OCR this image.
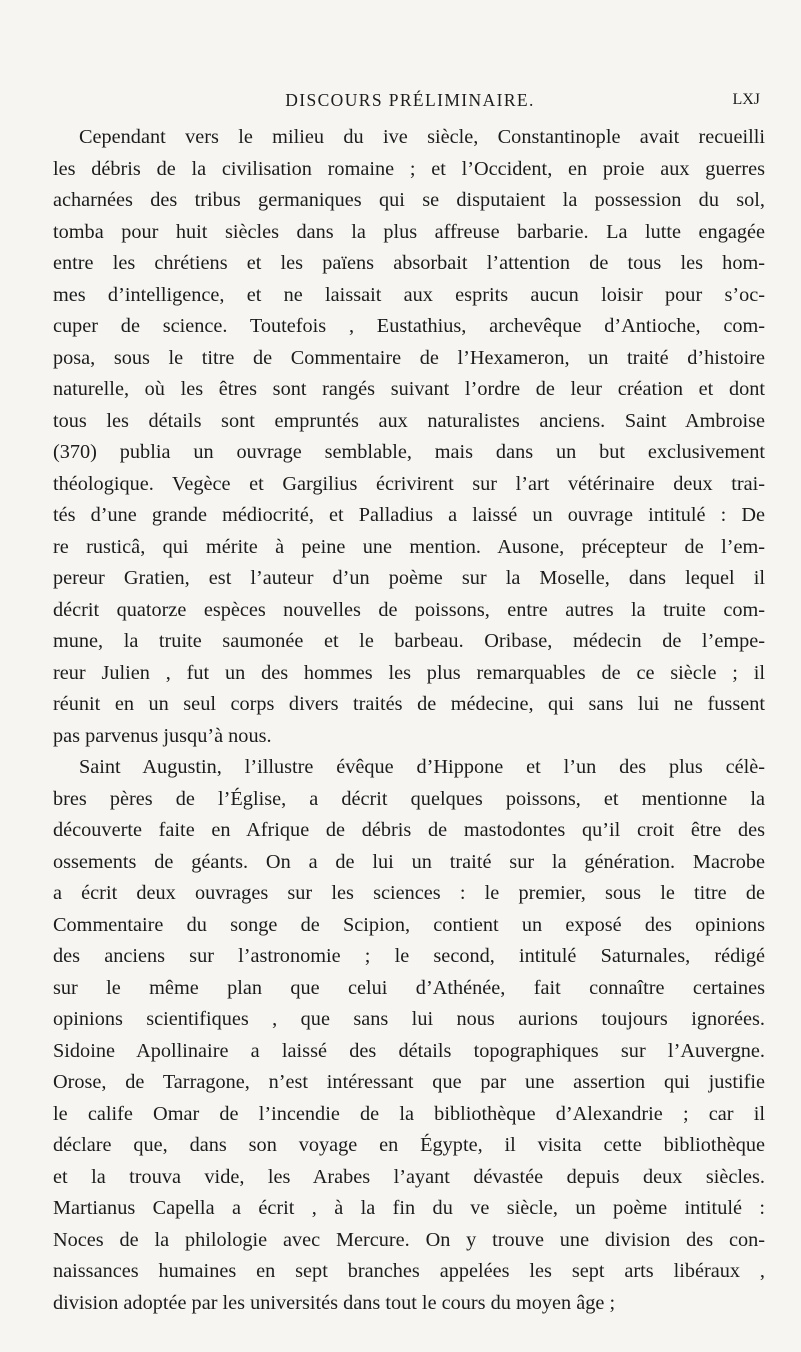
DISCOURS PRÉLIMINAIRE.	LXJ
Cependant vers le milieu du ive siècle, Constantinople avait recueilli
les débris de la civilisation romaine ; et l’Occident, en proie aux guerres
acharnées des tribus germaniques qui se disputaient la possession du sol,
tomba pour huit siècles dans la plus affreuse barbarie. La lutte engagée
entre les chrétiens et les païens absorbait l’attention de tous les hom-
mes d’intelligence, et ne laissait aux esprits aucun loisir pour s’oc-
cuper de science. Toutefois , Eustathius, archevêque d’Antioche, com-
posa, sous le titre de Commentaire de l’Hexameron, un traité d’histoire
naturelle, où les êtres sont rangés suivant l’ordre de leur création et dont
tous les détails sont empruntés aux naturalistes anciens. Saint Ambroise
(370) publia un ouvrage semblable, mais dans un but exclusivement
théologique. Vegèce et Gargilius écrivirent sur l’art vétérinaire deux trai-
tés d’une grande médiocrité, et Palladius a laissé un ouvrage intitulé : De
re rusticâ, qui mérite à peine une mention. Ausone, précepteur de l’em-
pereur Gratien, est l’auteur d’un poème sur la Moselle, dans lequel il
décrit quatorze espèces nouvelles de poissons, entre autres la truite com-
mune, la truite saumonée et le barbeau. Oribase, médecin de l’empe-
reur Julien , fut un des hommes les plus remarquables de ce siècle ; il
réunit en un seul corps divers traités de médecine, qui sans lui ne fussent
pas parvenus jusqu’à nous.
Saint Augustin, l’illustre évêque d’Hippone et l’un des plus célè-
bres pères de l’Église, a décrit quelques poissons, et mentionne la
découverte faite en Afrique de débris de mastodontes qu’il croit être des
ossements de géants. On a de lui un traité sur la génération. Macrobe
a écrit deux ouvrages sur les sciences : le premier, sous le titre de
Commentaire du songe de Scipion, contient un exposé des opinions
des anciens sur l’astronomie ; le second, intitulé Saturnales, rédigé
sur le même plan que celui d’Athénée, fait connaître certaines
opinions scientifiques , que sans lui nous aurions toujours ignorées.
Sidoine Apollinaire a laissé des détails topographiques sur l’Auvergne.
Orose, de Tarragone, n’est intéressant que par une assertion qui justifie
le calife Omar de l’incendie de la bibliothèque d’Alexandrie ; car il
déclare que, dans son voyage en Égypte, il visita cette bibliothèque
et la trouva vide, les Arabes l’ayant dévastée depuis deux siècles.
Martianus Capella a écrit , à la fin du ve siècle, un poème intitulé :
Noces de la philologie avec Mercure. On y trouve une division des con-
naissances humaines en sept branches appelées les sept arts libéraux ,
division adoptée par les universités dans tout le cours du moyen âge ;
